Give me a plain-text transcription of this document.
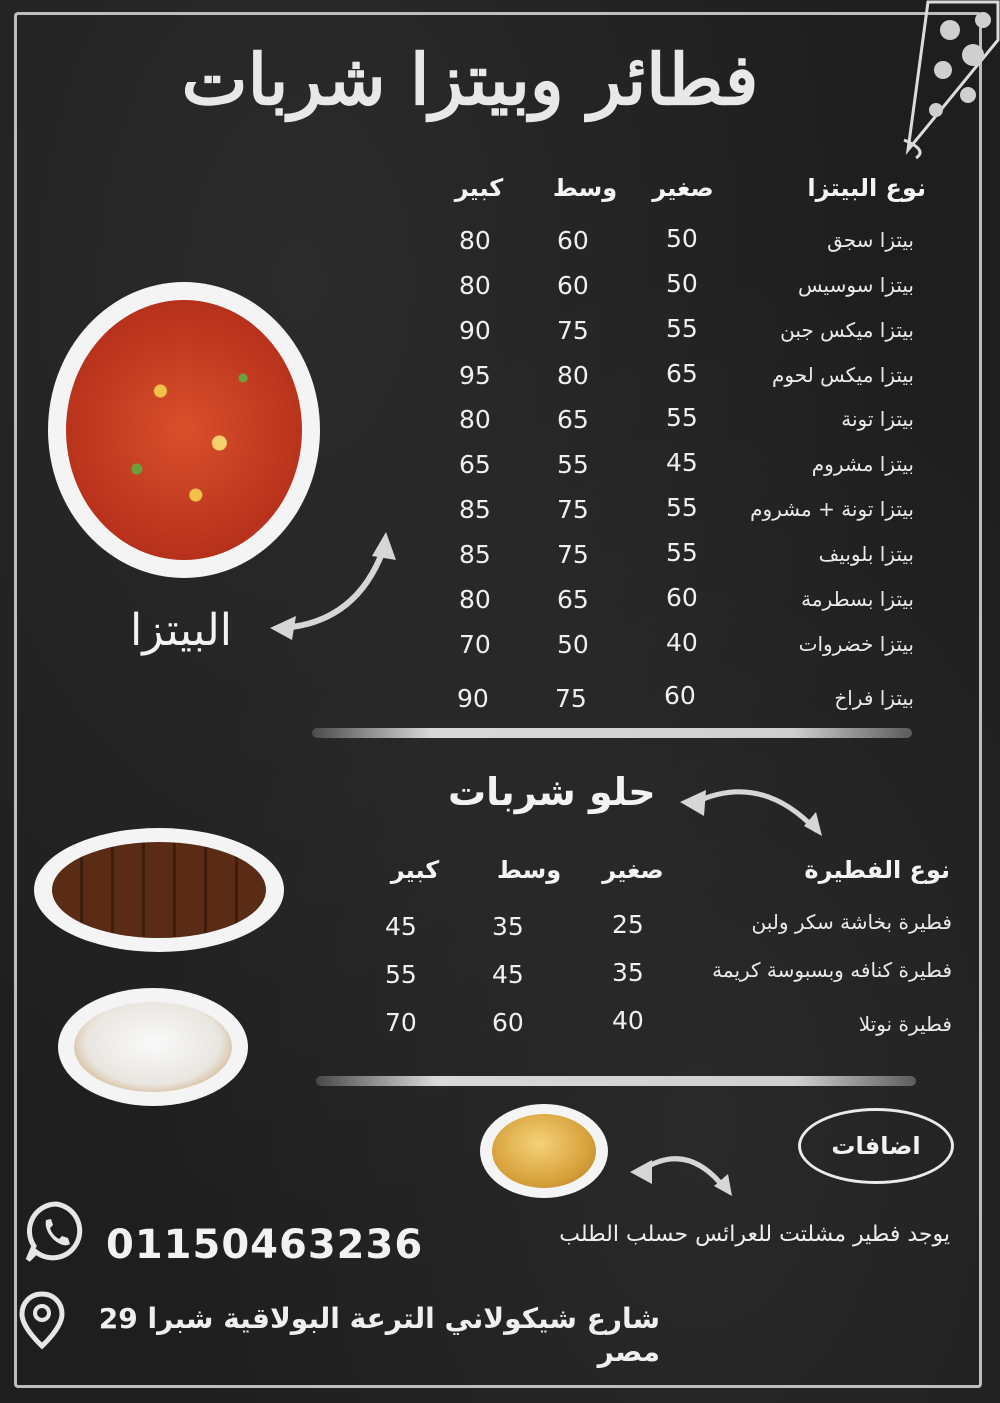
فطائر وبيتزا شربات
نوع البيتزا
صغير
وسط
كبير
بيتزا سجق
50
60
80
بيتزا سوسيس
50
60
80
بيتزا ميكس جبن
55
75
90
بيتزا ميكس لحوم
65
80
95
بيتزا تونة
55
65
80
بيتزا مشروم
45
55
65
بيتزا تونة + مشروم
55
75
85
بيتزا بلوبيف
55
75
85
بيتزا بسطرمة
60
65
80
بيتزا خضروات
40
50
70
بيتزا فراخ
60
75
90
البيتزا
حلو شربات
نوع الفطيرة
صغير
وسط
كبير
فطيرة بخاشة سكر ولبن
25
35
45
فطيرة كنافه وبسبوسة كريمة
35
45
55
فطيرة نوتلا
40
60
70
اضافات
يوجد فطير مشلتت للعرائس حسلب الطلب
01150463236
29 شارع شيكولاني الترعة البولاقية شبرا مصر
